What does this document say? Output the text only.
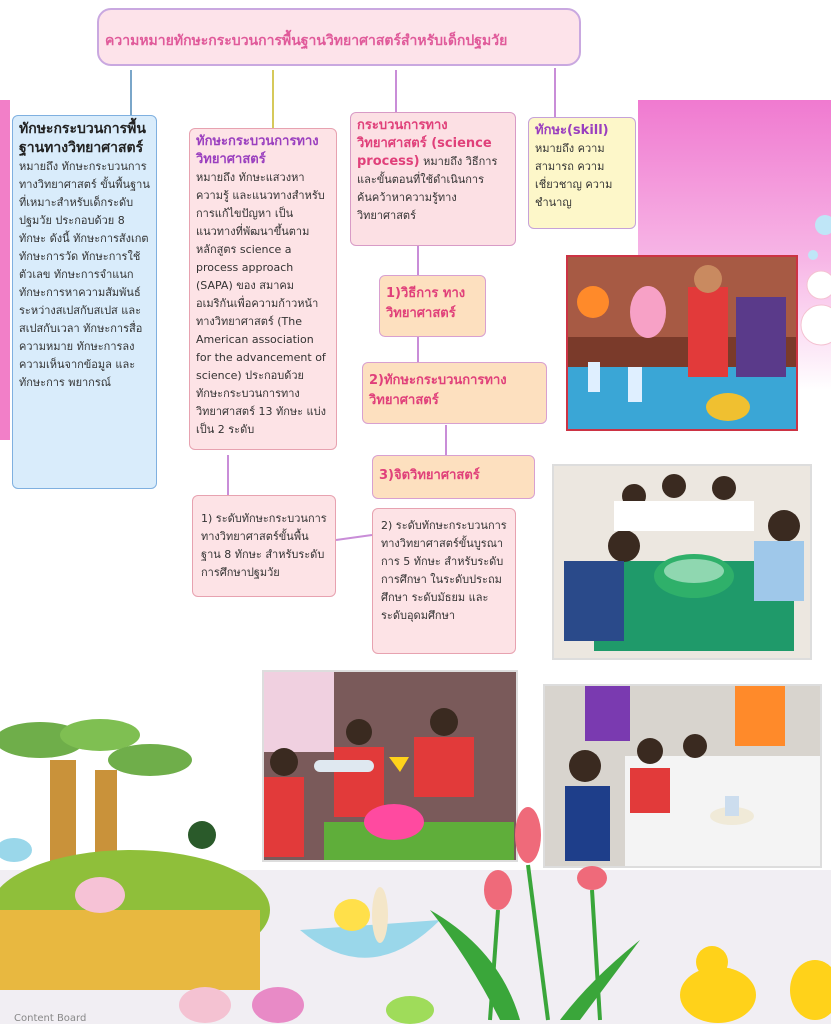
ความหมายทักษะกระบวนการพื้นฐานวิทยาศาสตร์สำหรับเด็กปฐมวัย
ทักษะกระบวนการพื้นฐานทางวิทยาศาสตร์ หมายถึง ทักษะกระบวนการทางวิทยาศาสตร์ ขั้นพื้นฐานที่เหมาะสำหรับเด็กระดับปฐมวัย ประกอบด้วย 8 ทักษะ ดังนี้ ทักษะการสังเกต ทักษะการวัด ทักษะการใช้ตัวเลข ทักษะการจำแนก ทักษะการหาความสัมพันธ์ระหว่างสเปสกับสเปส และสเปสกับเวลา ทักษะการสื่อความหมาย ทักษะการลงความเห็นจากข้อมูล และทักษะการ พยากรณ์
ทักษะกระบวนการทางวิทยาศาสตร์
หมายถึง ทักษะแสวงหาความรู้ และแนวทางสำหรับการแก้ไขปัญหา เป็นแนวทางที่พัฒนาขึ้นตามหลักสูตร science a process approach (SAPA) ของ สมาคมอเมริกันเพื่อความก้าวหน้าทางวิทยาศาสตร์ (The American association for the advancement of science) ประกอบด้วยทักษะกระบวนการทางวิทยาศาสตร์ 13 ทักษะ แบ่งเป็น 2 ระดับ
กระบวนการทางวิทยาศาสตร์ (science process) หมายถึง วิธีการและขั้นตอนที่ใช้ดำเนินการค้นคว้าหาความรู้ทางวิทยาศาสตร์
ทักษะ(skill)
หมายถึง ความสามารถ ความเชี่ยวชาญ ความชำนาญ
1)วิธีการ ทางวิทยาศาสตร์
2)ทักษะกระบวนการทางวิทยาศาสตร์
3)จิตวิทยาศาสตร์
1) ระดับทักษะกระบวนการทางวิทยาศาสตร์ขั้นพื้นฐาน 8 ทักษะ สำหรับระดับการศึกษาปฐมวัย
2) ระดับทักษะกระบวนการทางวิทยาศาสตร์ขั้นบูรณาการ 5 ทักษะ สำหรับระดับการศึกษา ในระดับประถมศึกษา ระดับมัธยม และระดับอุดมศึกษา
Content Board
